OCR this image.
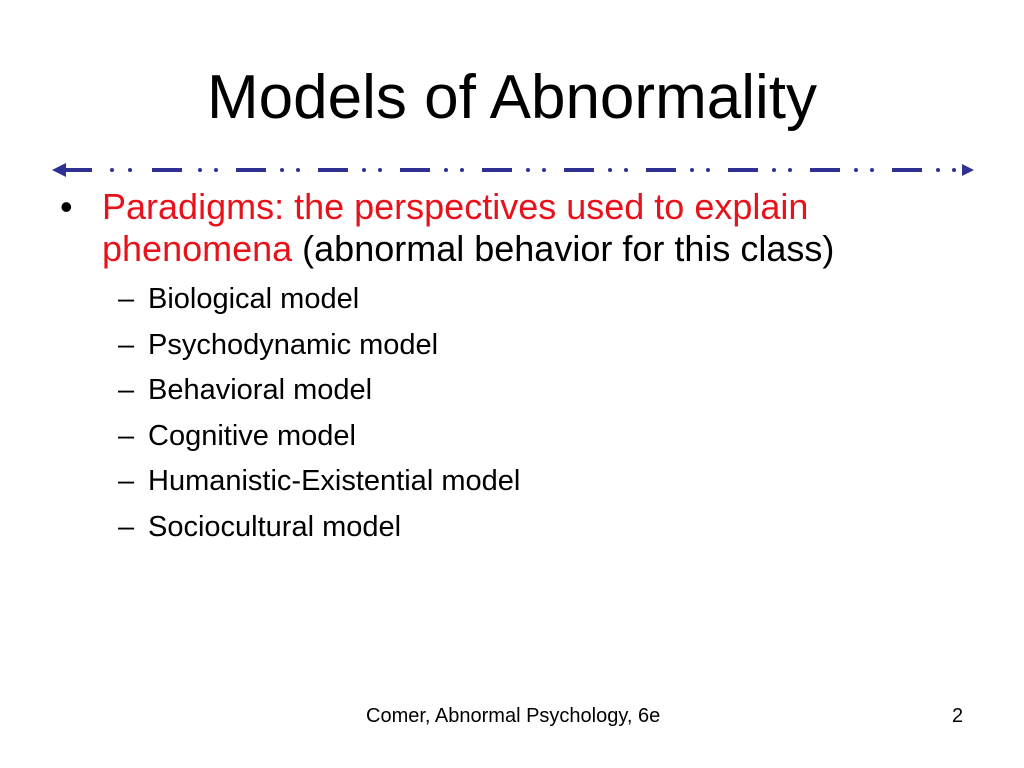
Models of Abnormality
• Paradigms: the perspectives used to explain phenomena (abnormal behavior for this class)
– Biological model
– Psychodynamic model
– Behavioral model
– Cognitive model
– Humanistic-Existential model
– Sociocultural model
Comer, Abnormal Psychology, 6e	2
